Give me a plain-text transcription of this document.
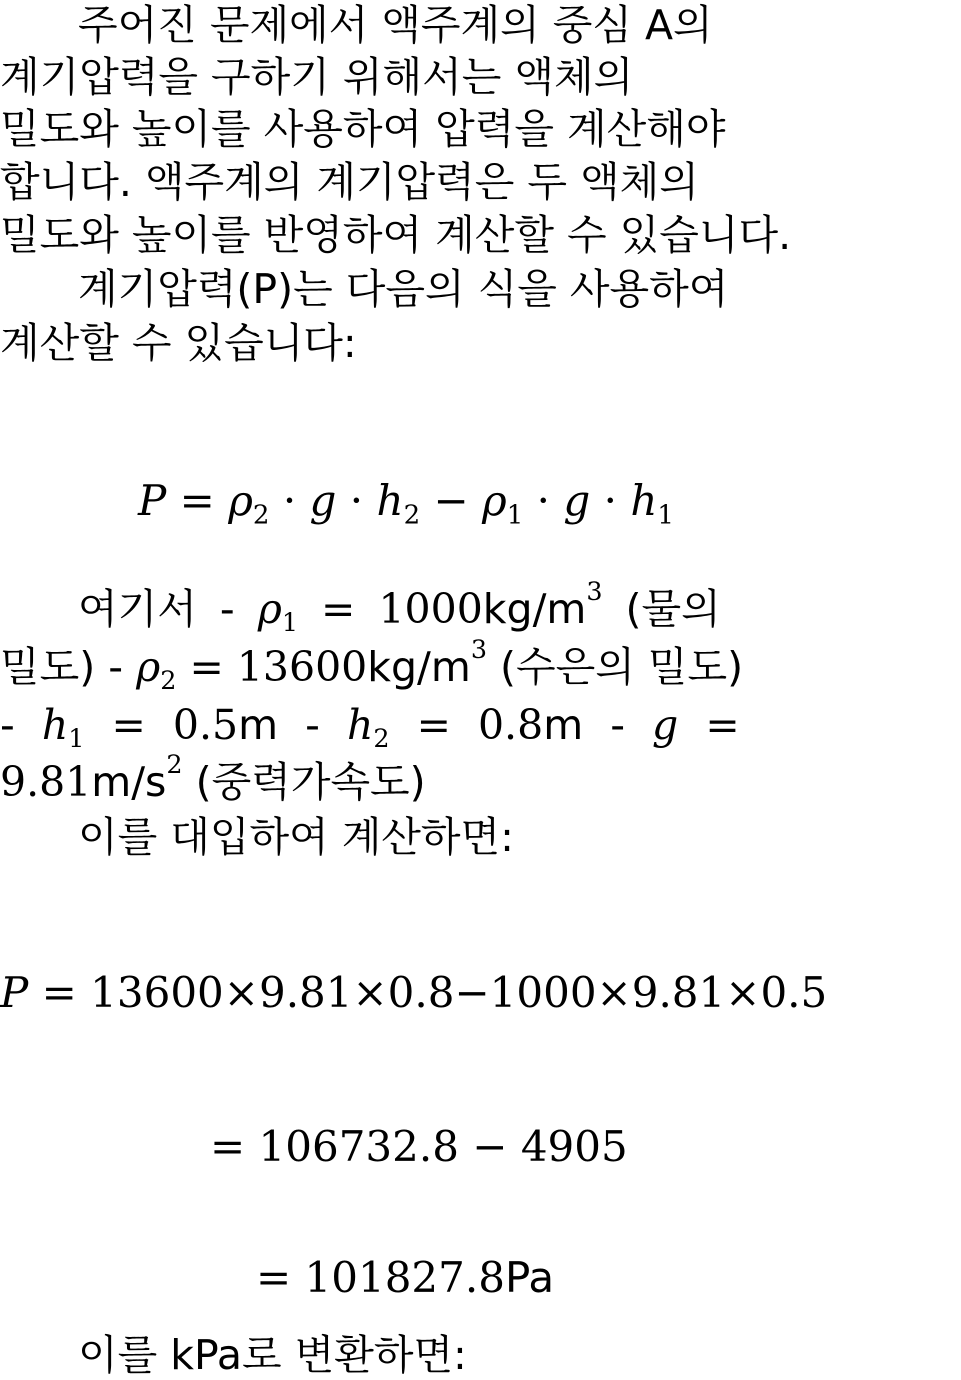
주어진 문제에서 액주계의 중심 A의

계기압력을 구하기 위해서는 액체의

밀도와 높이를 사용하여 압력을 계산해야

합니다. 액주계의 계기압력은 두 액체의

밀도와 높이를 반영하여 계산할 수 있습니다.

계기압력(P)는 다음의 식을 사용하여

계산할 수 있습니다:

$P = \rho_2 \cdot g \cdot h_2 - \rho_1 \cdot g \cdot h_1$

여기서 - $\rho_1 = 1000kg/m^3$ (물의

밀도) - $\rho_2 = 13600kg/m^3$ (수은의 밀도)

- $h_1 = 0.5m - h_2 = 0.8m - g$ =

$9.81m/s^2$ (중력가속도)

이를 대입하여 계산하면:

P = 13600×9.81×0.8−1000×9.81×0.5
= 106732.8 − 4905
= 101827.8Pa

이를 kPa로 변환하면:
